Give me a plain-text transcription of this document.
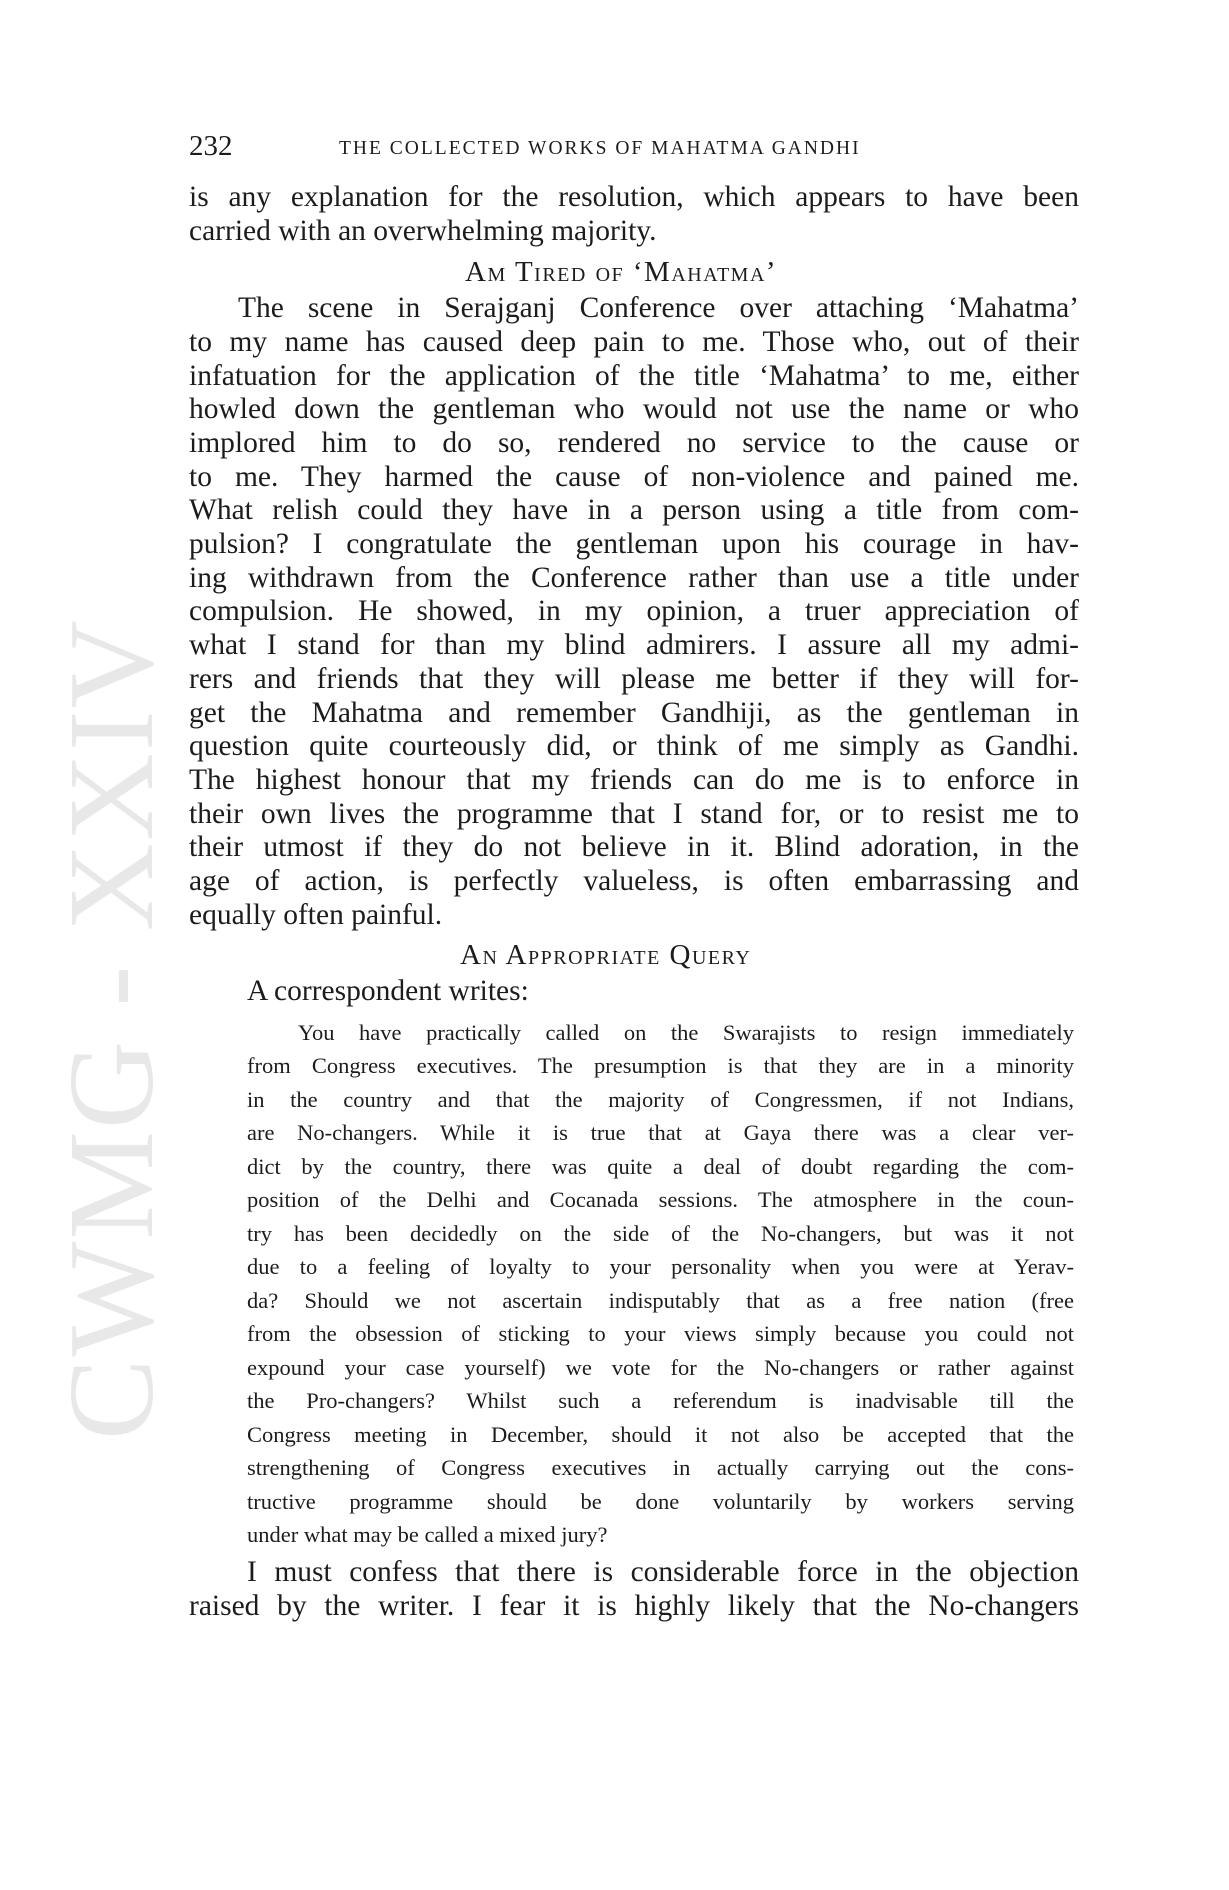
CWMG - XXIV
232	THE COLLECTED WORKS OF MAHATMA GANDHI
is any explanation for the resolution, which appears to have been
carried with an overwhelming majority.
Am Tired of ‘Mahatma’
The scene in Serajganj Conference over attaching ‘Mahatma’
to my name has caused deep pain to me. Those who, out of their
infatuation for the application of the title ‘Mahatma’ to me, either
howled down the gentleman who would not use the name or who
implored him to do so, rendered no service to the cause or
to me. They harmed the cause of non-violence and pained me.
What relish could they have in a person using a title from com-
pulsion? I congratulate the gentleman upon his courage in hav-
ing withdrawn from the Conference rather than use a title under
compulsion. He showed, in my opinion, a truer appreciation of
what I stand for than my blind admirers. I assure all my admi-
rers and friends that they will please me better if they will for-
get the Mahatma and remember Gandhiji, as the gentleman in
question quite courteously did, or think of me simply as Gandhi.
The highest honour that my friends can do me is to enforce in
their own lives the programme that I stand for, or to resist me to
their utmost if they do not believe in it. Blind adoration, in the
age of action, is perfectly valueless, is often embarrassing and
equally often painful.
An Appropriate Query
A correspondent writes:
You have practically called on the Swarajists to resign immediately
from Congress executives. The presumption is that they are in a minority
in the country and that the majority of Congressmen, if not Indians,
are No-changers. While it is true that at Gaya there was a clear ver-
dict by the country, there was quite a deal of doubt regarding the com-
position of the Delhi and Cocanada sessions. The atmosphere in the coun-
try has been decidedly on the side of the No-changers, but was it not
due to a feeling of loyalty to your personality when you were at Yerav-
da? Should we not ascertain indisputably that as a free nation (free
from the obsession of sticking to your views simply because you could not
expound your case yourself) we vote for the No-changers or rather against
the Pro-changers? Whilst such a referendum is inadvisable till the
Congress meeting in December, should it not also be accepted that the
strengthening of Congress executives in actually carrying out the cons-
tructive programme should be done voluntarily by workers serving
under what may be called a mixed jury?
I must confess that there is considerable force in the objection
raised by the writer. I fear it is highly likely that the No-changers
